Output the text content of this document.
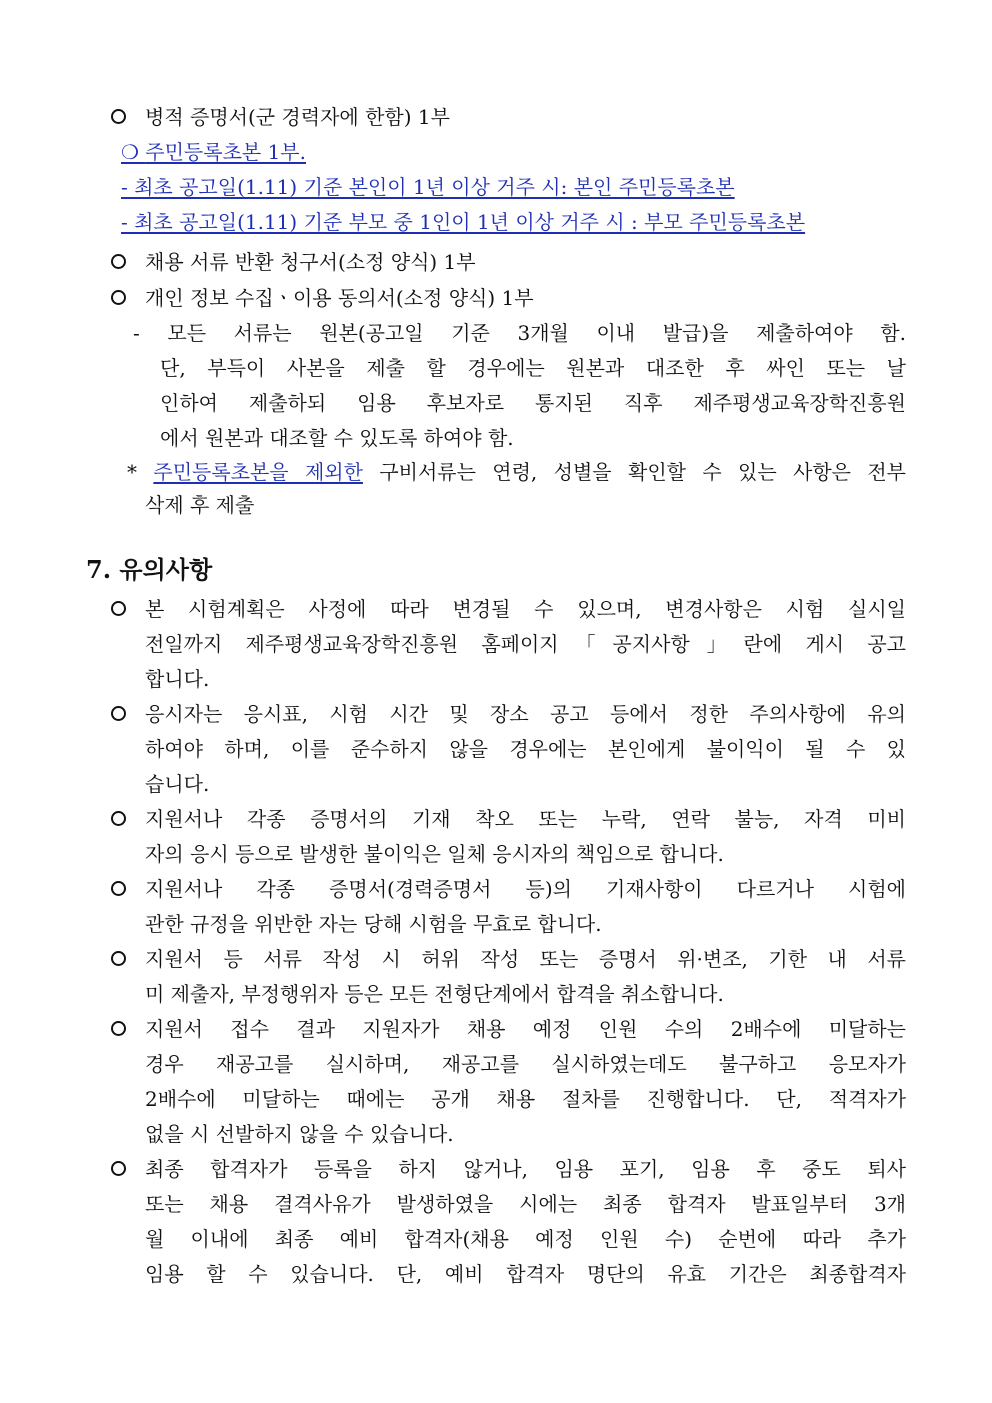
병적 증명서(군 경력자에 한함) 1부
❍ 주민등록초본 1부.
- 최초 공고일(1.11) 기준 본인이 1년 이상 거주 시: 본인 주민등록초본
- 최초 공고일(1.11) 기준 부모 중 1인이 1년 이상 거주 시 : 부모 주민등록초본
채용 서류 반환 청구서(소정 양식) 1부
개인 정보 수집ㆍ이용 동의서(소정 양식) 1부
- 모든 서류는 원본(공고일 기준 3개월 이내 발급)을 제출하여야 함.
단, 부득이 사본을 제출 할 경우에는 원본과 대조한 후 싸인 또는 날
인하여 제출하되 임용 후보자로 통지된 직후 제주평생교육장학진흥원
에서 원본과 대조할 수 있도록 하여야 함.
* 주민등록초본을 제외한 구비서류는 연령, 성별을 확인할 수 있는 사항은 전부
삭제 후 제출
7. 유의사항
본 시험계획은 사정에 따라 변경될 수 있으며, 변경사항은 시험 실시일
전일까지 제주평생교육장학진흥원 홈페이지「공지사항」란에 게시 공고
합니다.
응시자는 응시표, 시험 시간 및 장소 공고 등에서 정한 주의사항에 유의
하여야 하며, 이를 준수하지 않을 경우에는 본인에게 불이익이 될 수 있
습니다.
지원서나 각종 증명서의 기재 착오 또는 누락, 연락 불능, 자격 미비
자의 응시 등으로 발생한 불이익은 일체 응시자의 책임으로 합니다.
지원서나 각종 증명서(경력증명서 등)의 기재사항이 다르거나 시험에
관한 규정을 위반한 자는 당해 시험을 무효로 합니다.
지원서 등 서류 작성 시 허위 작성 또는 증명서 위·변조, 기한 내 서류
미 제출자, 부정행위자 등은 모든 전형단계에서 합격을 취소합니다.
지원서 접수 결과 지원자가 채용 예정 인원 수의 2배수에 미달하는
경우 재공고를 실시하며, 재공고를 실시하였는데도 불구하고 응모자가
2배수에 미달하는 때에는 공개 채용 절차를 진행합니다. 단, 적격자가
없을 시 선발하지 않을 수 있습니다.
최종 합격자가 등록을 하지 않거나, 임용 포기, 임용 후 중도 퇴사
또는 채용 결격사유가 발생하였을 시에는 최종 합격자 발표일부터 3개
월 이내에 최종 예비 합격자(채용 예정 인원 수) 순번에 따라 추가
임용 할 수 있습니다. 단, 예비 합격자 명단의 유효 기간은 최종합격자
